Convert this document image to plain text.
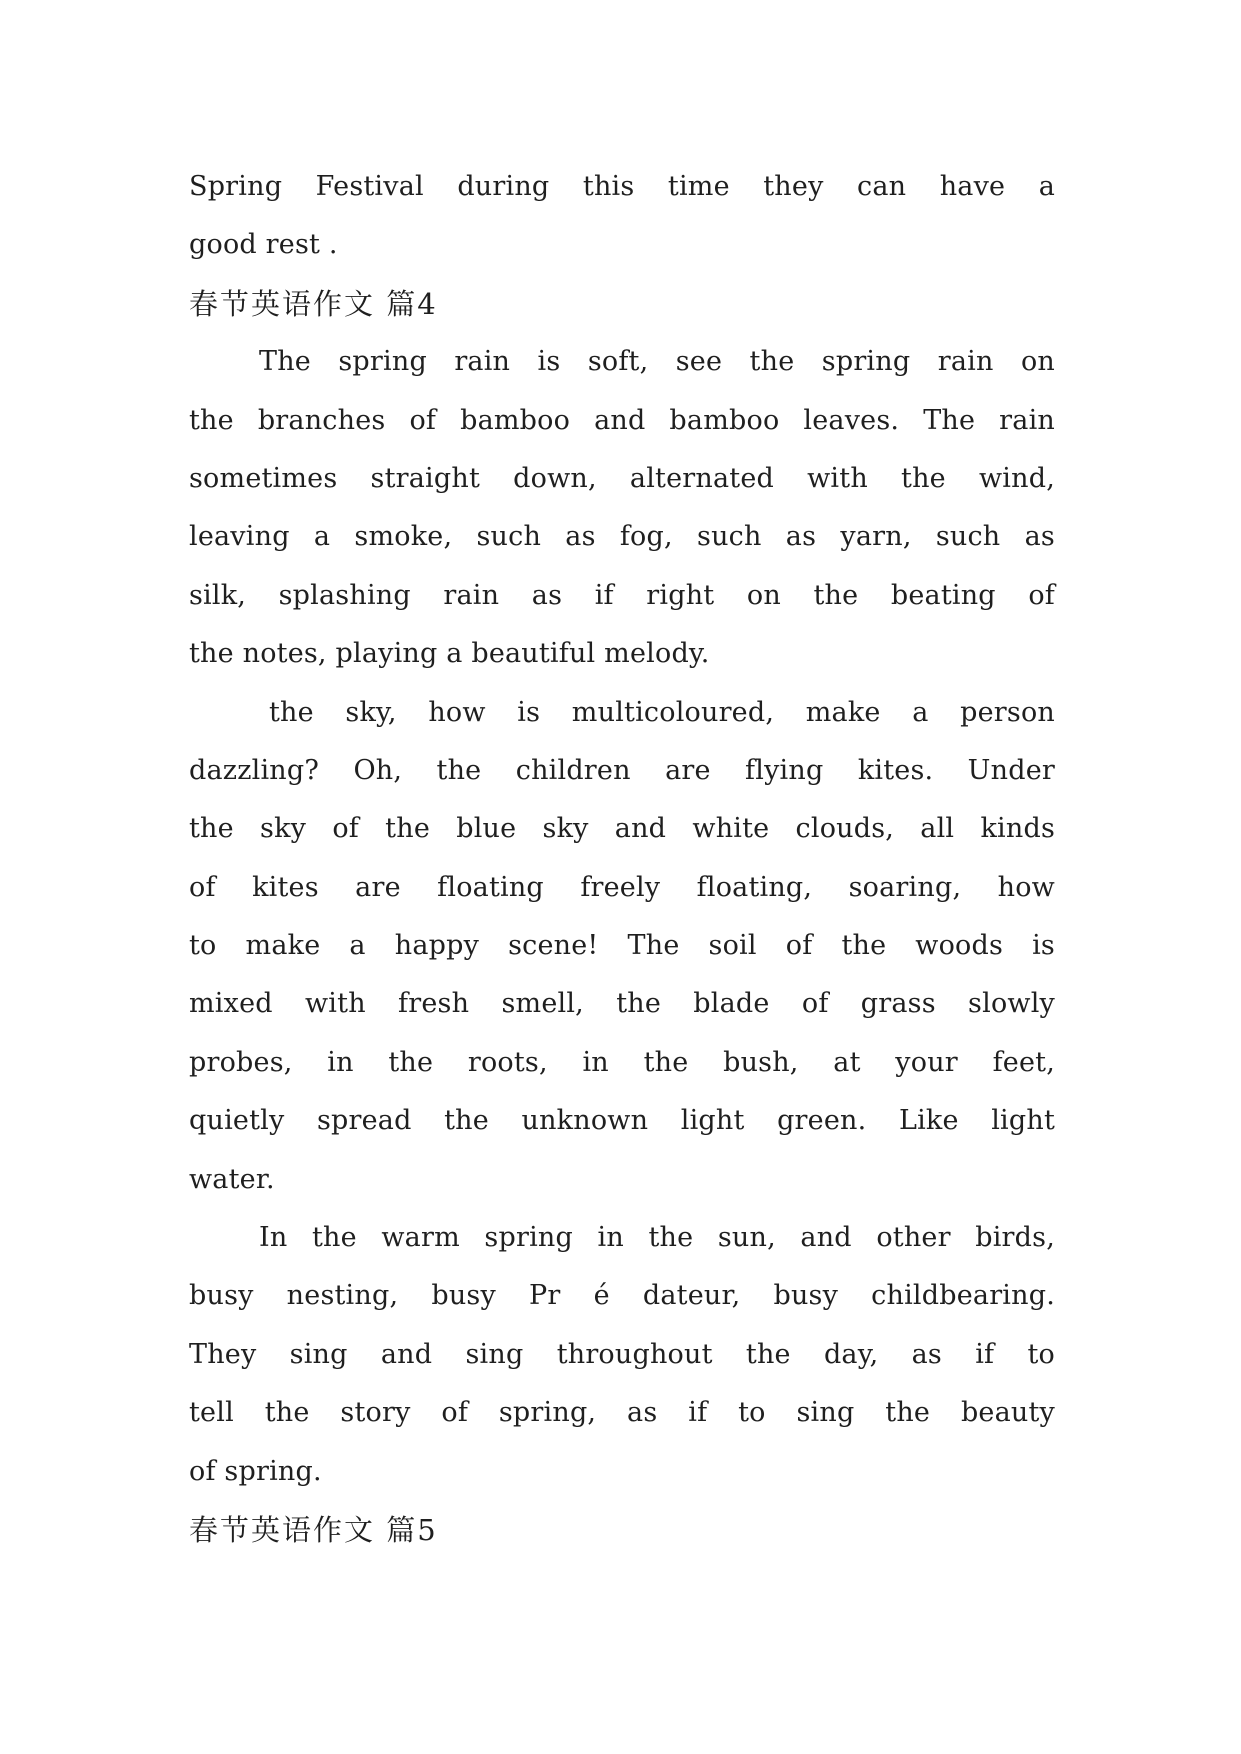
Spring Festival during this time they can have a
good rest .
春节英语作文 篇4
The spring rain is soft, see the spring rain on
the branches of bamboo and bamboo leaves. The rain
sometimes straight down, alternated with the wind,
leaving a smoke, such as fog, such as yarn, such as
silk, splashing rain as if right on the beating of
the notes, playing a beautiful melody.
the sky, how is multicoloured, make a person
dazzling? Oh, the children are flying kites. Under
the sky of the blue sky and white clouds, all kinds
of kites are floating freely floating, soaring, how
to make a happy scene! The soil of the woods is
mixed with fresh smell, the blade of grass slowly
probes, in the roots, in the bush, at your feet,
quietly spread the unknown light green. Like light
water.
In the warm spring in the sun, and other birds,
busy nesting, busy Pr é dateur, busy childbearing.
They sing and sing throughout the day, as if to
tell the story of spring, as if to sing the beauty
of spring.
春节英语作文 篇5
